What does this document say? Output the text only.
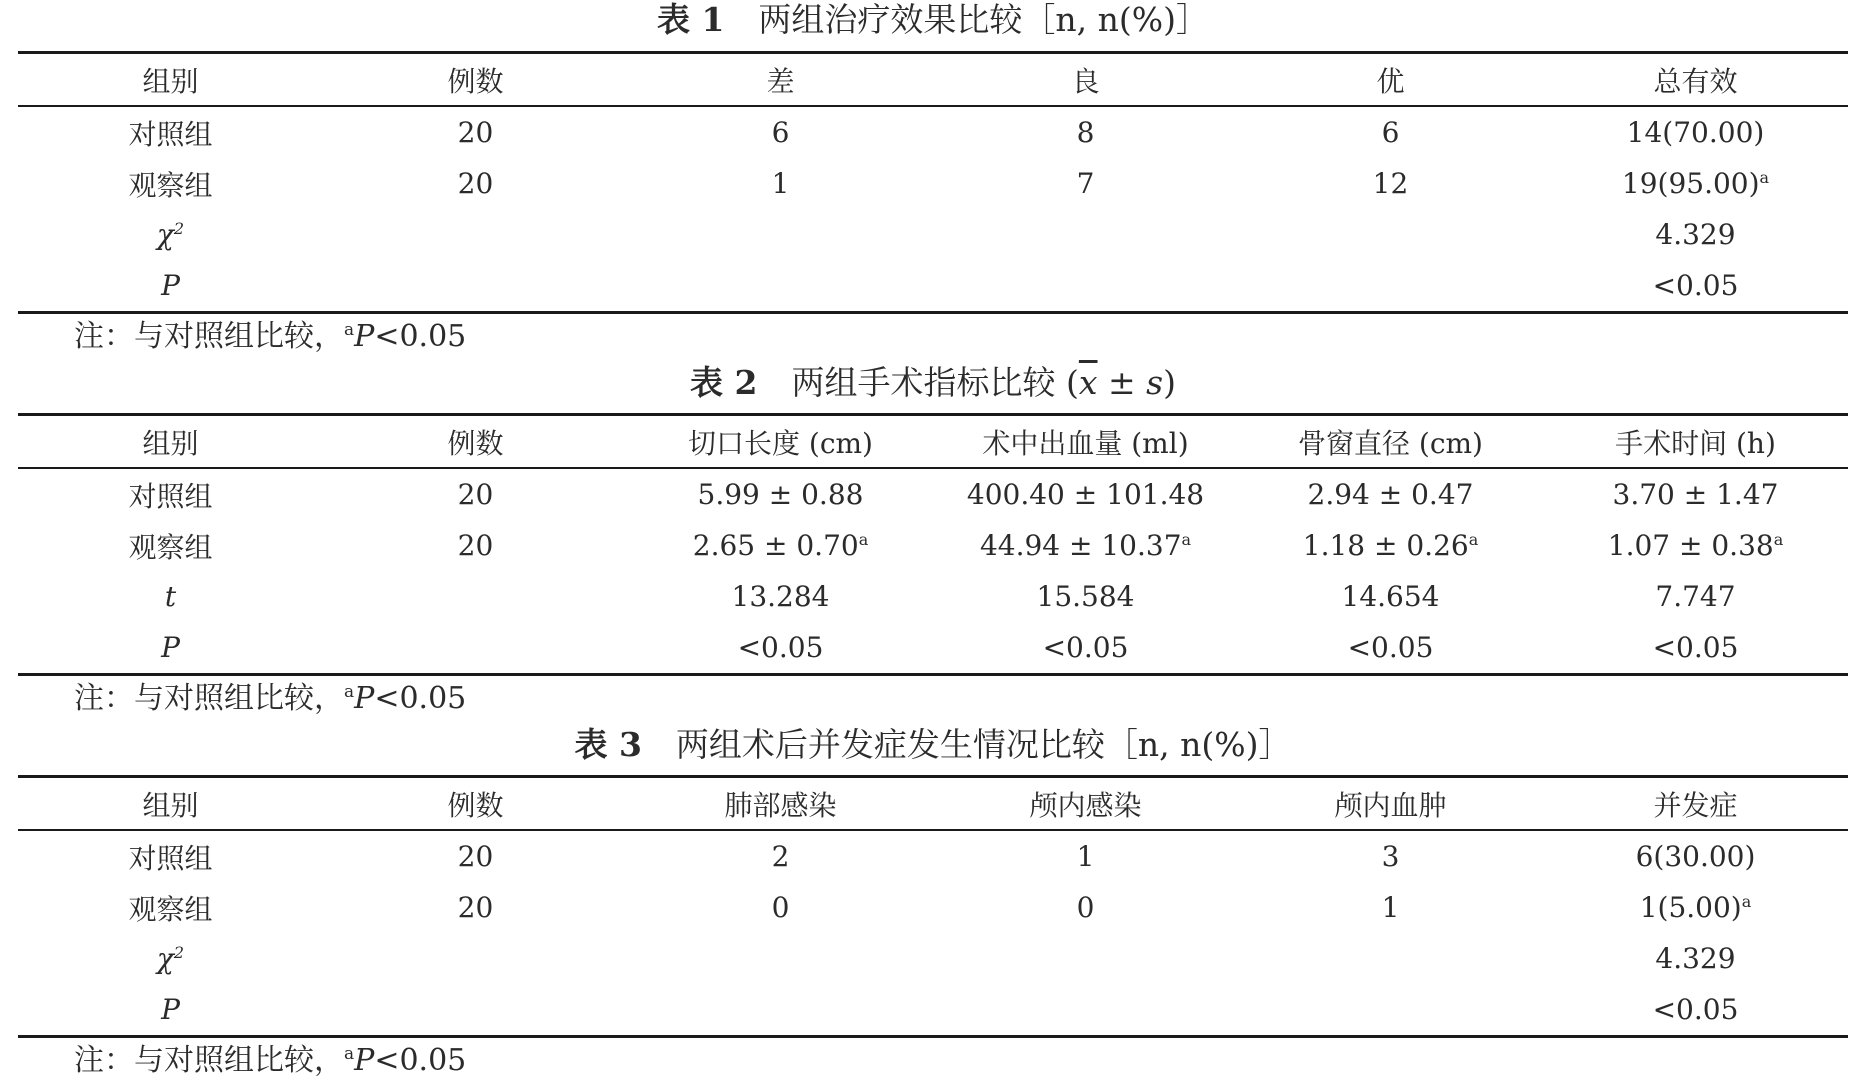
表 1 两组治疗效果比较［n, n(%)］
组别	例数	差	良	优	总有效
对照组	20	6	8	6	14(70.00)
观察组	20	1	7	12	$19(95.00)^a$
$\chi^2$					4.329
P					<0.05
注：与对照组比较，$^a$P<0.05
表 2 两组手术指标比较 $(\overline{x} \pm s)$
组别	例数	切口长度 (cm)	术中出血量 (ml)	骨窗直径 (cm)	手术时间 (h)
对照组	20	5.99 ± 0.88	400.40 ± 101.48	2.94 ± 0.47	3.70 ± 1.47
观察组	20	2.65 ± 0.70$^a$	44.94 ± 10.37$^a$	1.18 ± 0.26$^a$	1.07 ± 0.38$^a$
t		13.284	15.584	14.654	7.747
P		<0.05	<0.05	<0.05	<0.05
注：与对照组比较，$^a$P<0.05
表 3 两组术后并发症发生情况比较［n, n(%)］
组别	例数	肺部感染	颅内感染	颅内血肿	并发症
对照组	20	2	1	3	6(30.00)
观察组	20	0	0	1	$1(5.00)^a$
$\chi^2$					4.329
P					<0.05
注：与对照组比较，$^a$P<0.05
